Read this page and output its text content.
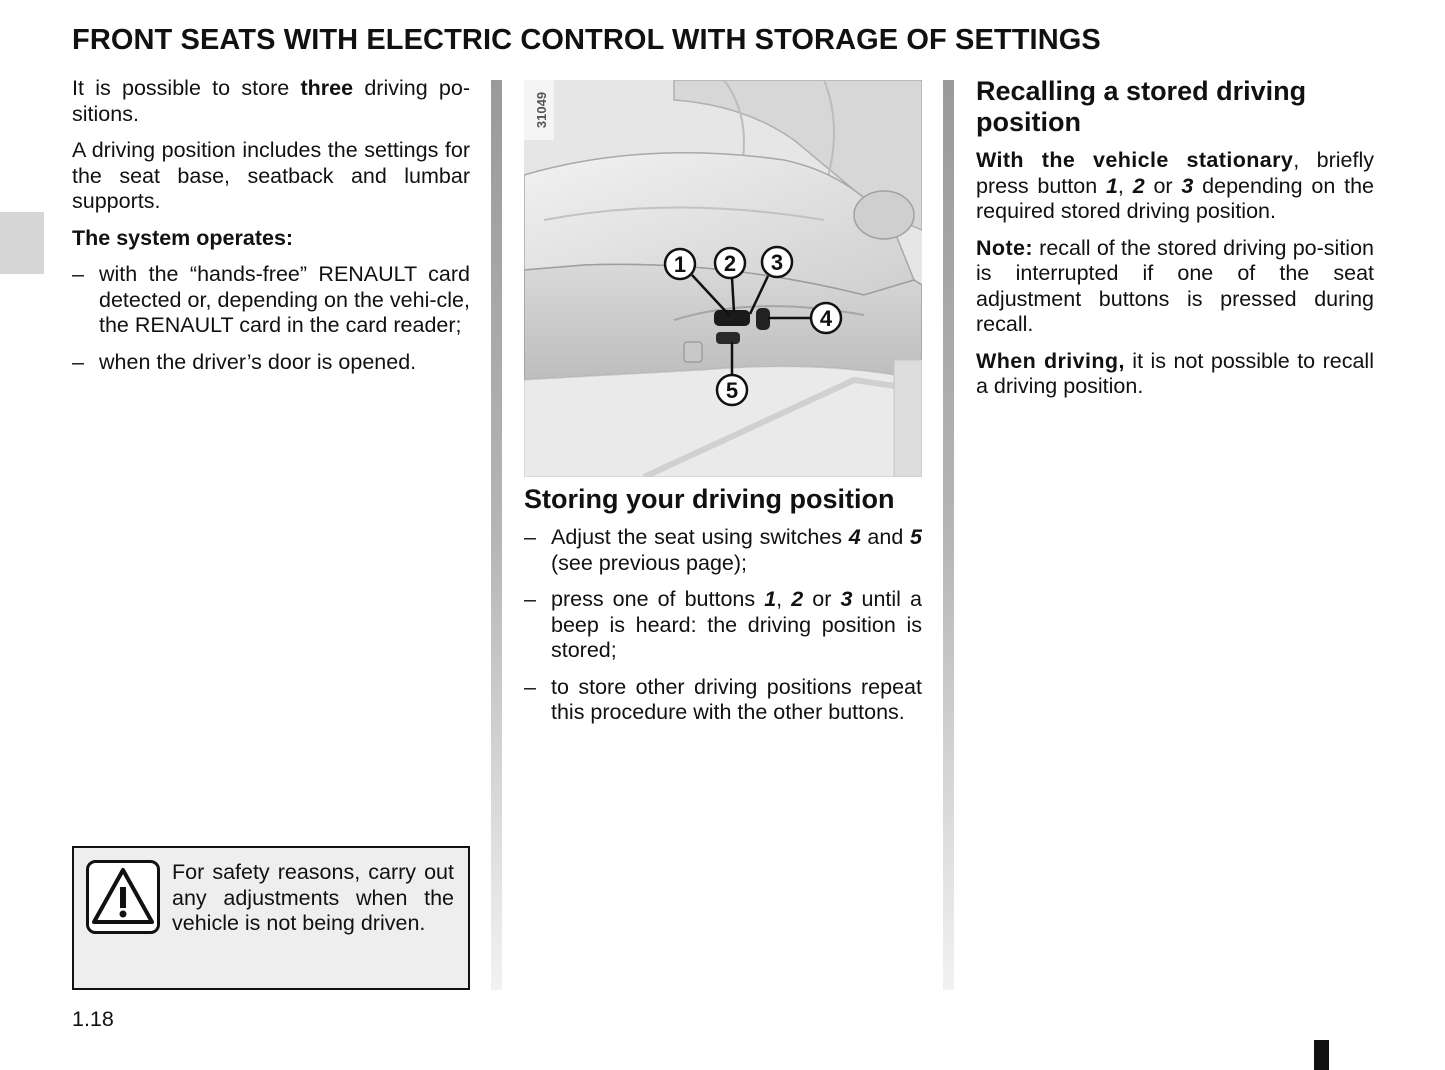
FRONT SEATS WITH ELECTRIC CONTROL WITH STORAGE OF SETTINGS

It is possible to store three driving po-sitions.

A driving position includes the settings for the seat base, seatback and lumbar supports.

The system operates:

– with the “hands-free” RENAULT card detected or, depending on the vehi-cle, the RENAULT card in the card reader;
– when the driver’s door is opened.
31049
1 2 3
4
5
Storing your driving position
– Adjust the seat using switches 4 and 5 (see previous page);
– press one of buttons 1, 2 or 3 until a beep is heard: the driving position is stored;
– to store other driving positions repeat this procedure with the other buttons.
Recalling a stored driving position

With the vehicle stationary, briefly press button 1, 2 or 3 depending on the required stored driving position.

Note: recall of the stored driving po-sition is interrupted if one of the seat adjustment buttons is pressed during recall.

When driving, it is not possible to recall a driving position.

For safety reasons, carry out any adjustments when the vehicle is not being driven.
1.18
